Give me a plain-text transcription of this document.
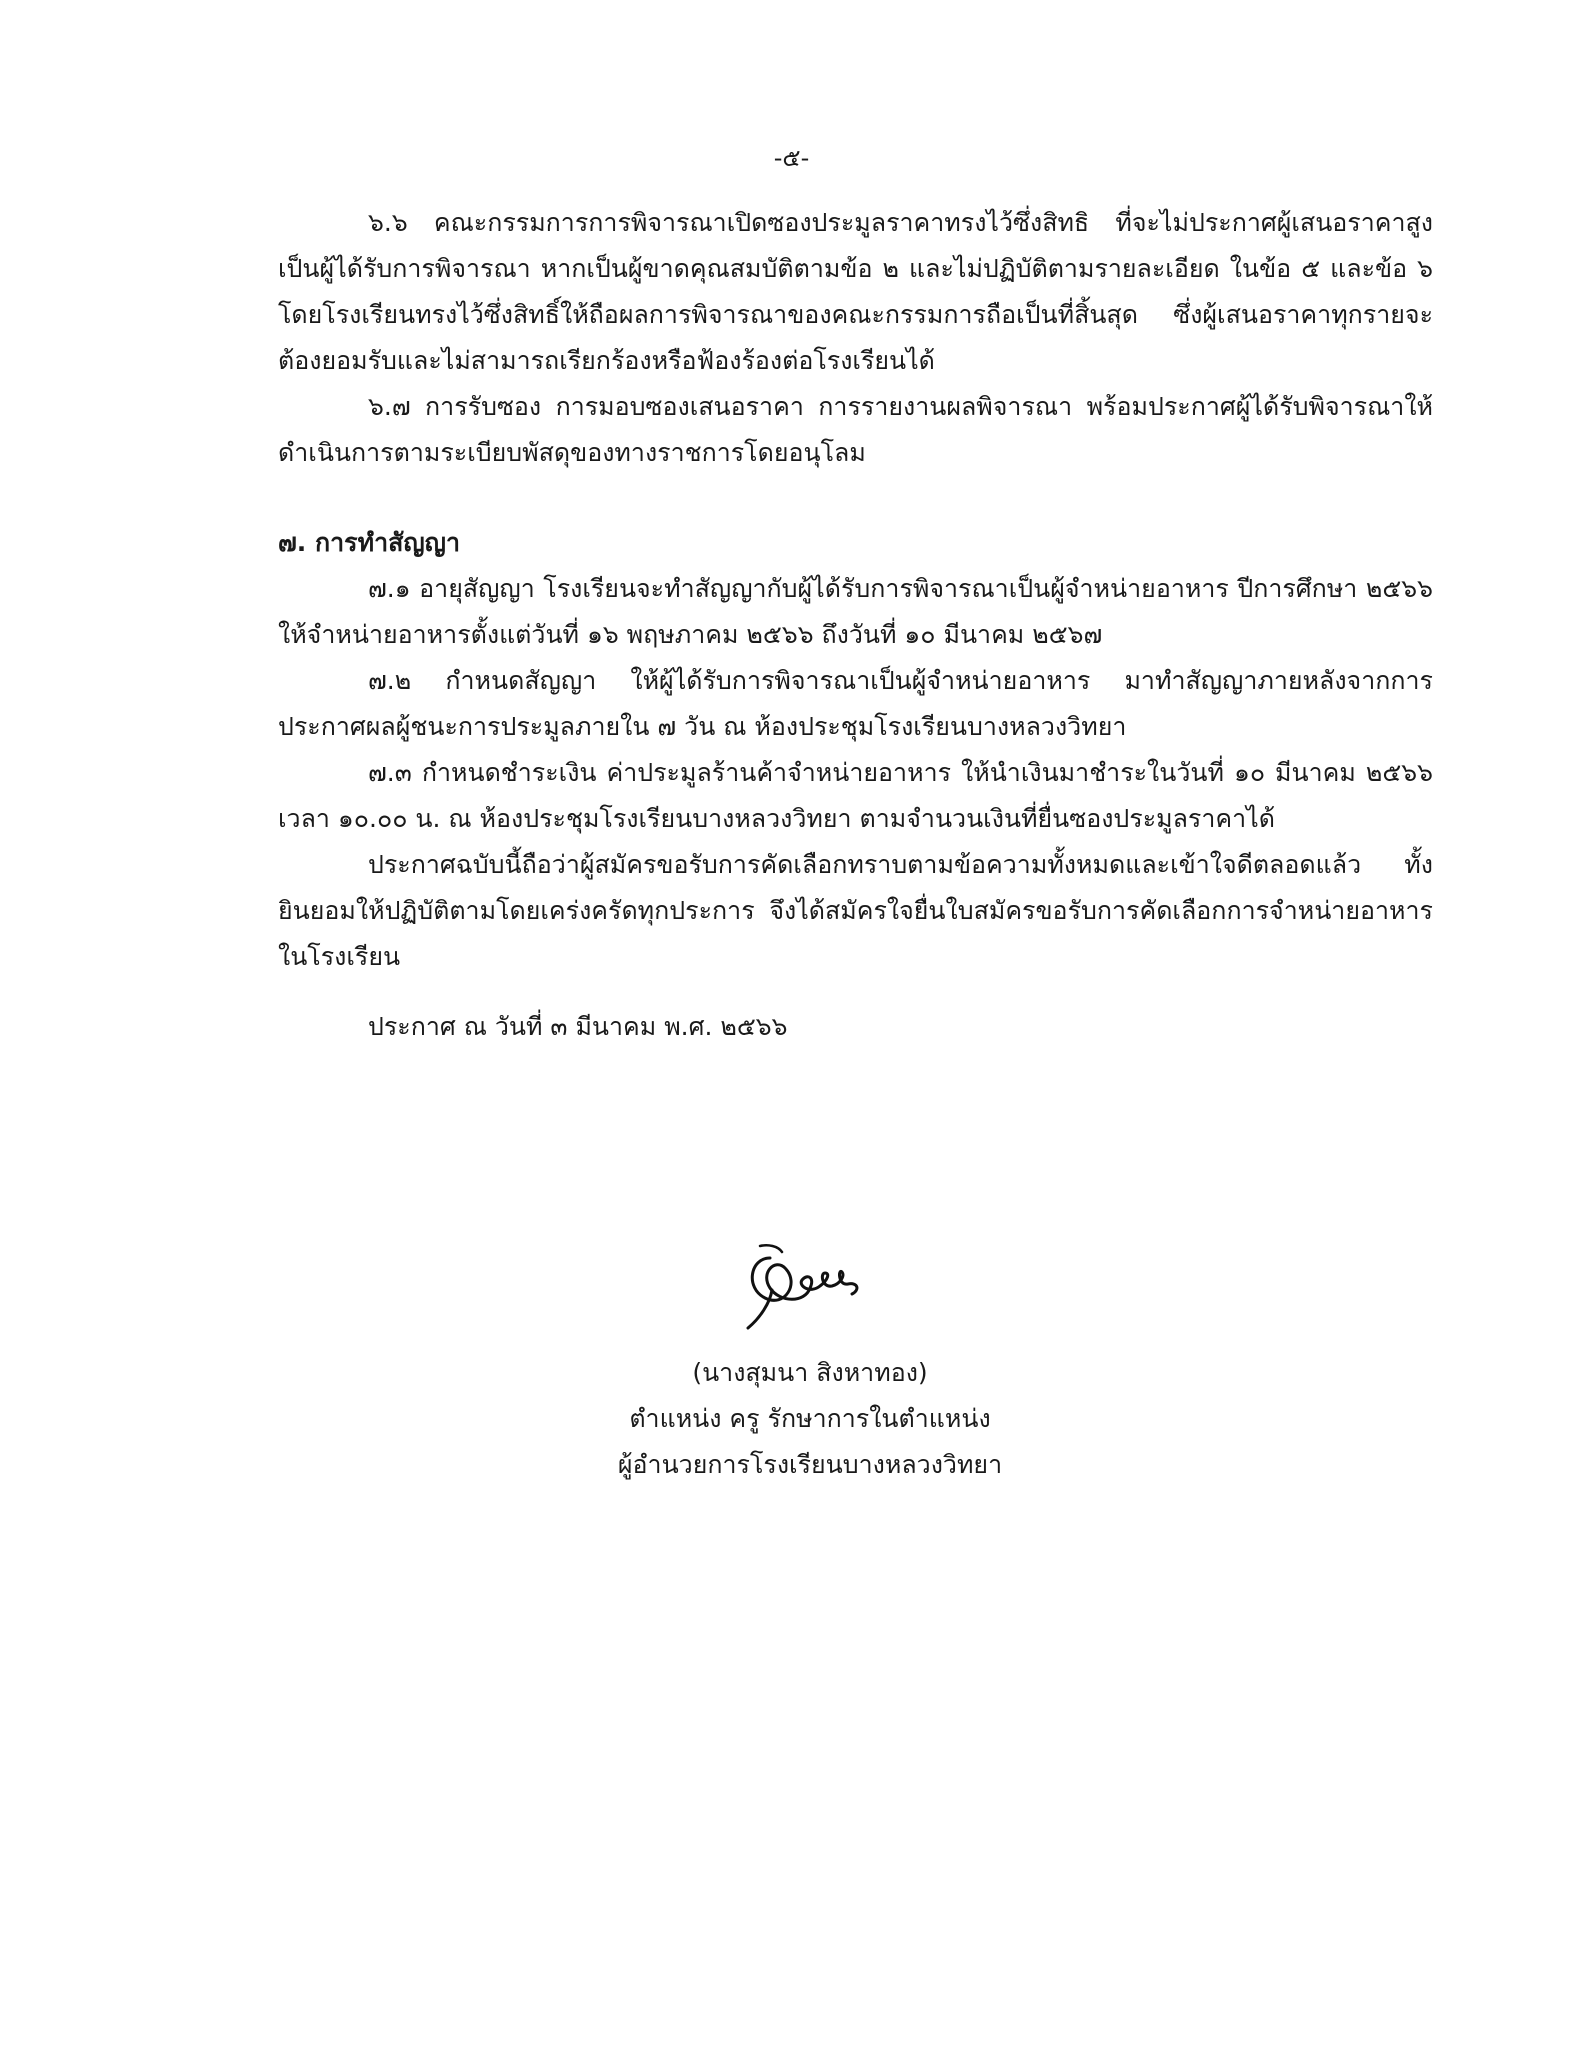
-๕-

๖.๖ คณะกรรมการการพิจารณาเปิดซองประมูลราคาทรงไว้ซึ่งสิทธิ ที่จะไม่ประกาศผู้เสนอราคาสูงเป็นผู้ได้รับการพิจารณา หากเป็นผู้ขาดคุณสมบัติตามข้อ ๒ และไม่ปฏิบัติตามรายละเอียด ในข้อ ๕ และข้อ ๖ โดยโรงเรียนทรงไว้ซึ่งสิทธิ์ให้ถือผลการพิจารณาของคณะกรรมการถือเป็นที่สิ้นสุด ซึ่งผู้เสนอราคาทุกรายจะต้องยอมรับและไม่สามารถเรียกร้องหรือฟ้องร้องต่อโรงเรียนได้

๖.๗ การรับซอง การมอบซองเสนอราคา การรายงานผลพิจารณา พร้อมประกาศผู้ได้รับพิจารณาให้ดำเนินการตามระเบียบพัสดุของทางราชการโดยอนุโลม

๗. การทำสัญญา

๗.๑ อายุสัญญา โรงเรียนจะทำสัญญากับผู้ได้รับการพิจารณาเป็นผู้จำหน่ายอาหาร ปีการศึกษา ๒๕๖๖ ให้จำหน่ายอาหารตั้งแต่วันที่ ๑๖ พฤษภาคม ๒๕๖๖ ถึงวันที่ ๑๐ มีนาคม ๒๕๖๗

๗.๒ กำหนดสัญญา ให้ผู้ได้รับการพิจารณาเป็นผู้จำหน่ายอาหาร มาทำสัญญาภายหลังจากการประกาศผลผู้ชนะการประมูลภายใน ๗ วัน ณ ห้องประชุมโรงเรียนบางหลวงวิทยา

๗.๓ กำหนดชำระเงิน ค่าประมูลร้านค้าจำหน่ายอาหาร ให้นำเงินมาชำระในวันที่ ๑๐ มีนาคม ๒๕๖๖ เวลา ๑๐.๐๐ น. ณ ห้องประชุมโรงเรียนบางหลวงวิทยา ตามจำนวนเงินที่ยื่นซองประมูลราคาได้

ประกาศฉบับนี้ถือว่าผู้สมัครขอรับการคัดเลือกทราบตามข้อความทั้งหมดและเข้าใจดีตลอดแล้ว ทั้งยินยอมให้ปฏิบัติตามโดยเคร่งครัดทุกประการ จึงได้สมัครใจยื่นใบสมัครขอรับการคัดเลือกการจำหน่ายอาหารในโรงเรียน

ประกาศ ณ วันที่ ๓ มีนาคม พ.ศ. ๒๕๖๖

(นางสุมนา สิงหาทอง)
ตำแหน่ง ครู รักษาการในตำแหน่ง
ผู้อำนวยการโรงเรียนบางหลวงวิทยา
